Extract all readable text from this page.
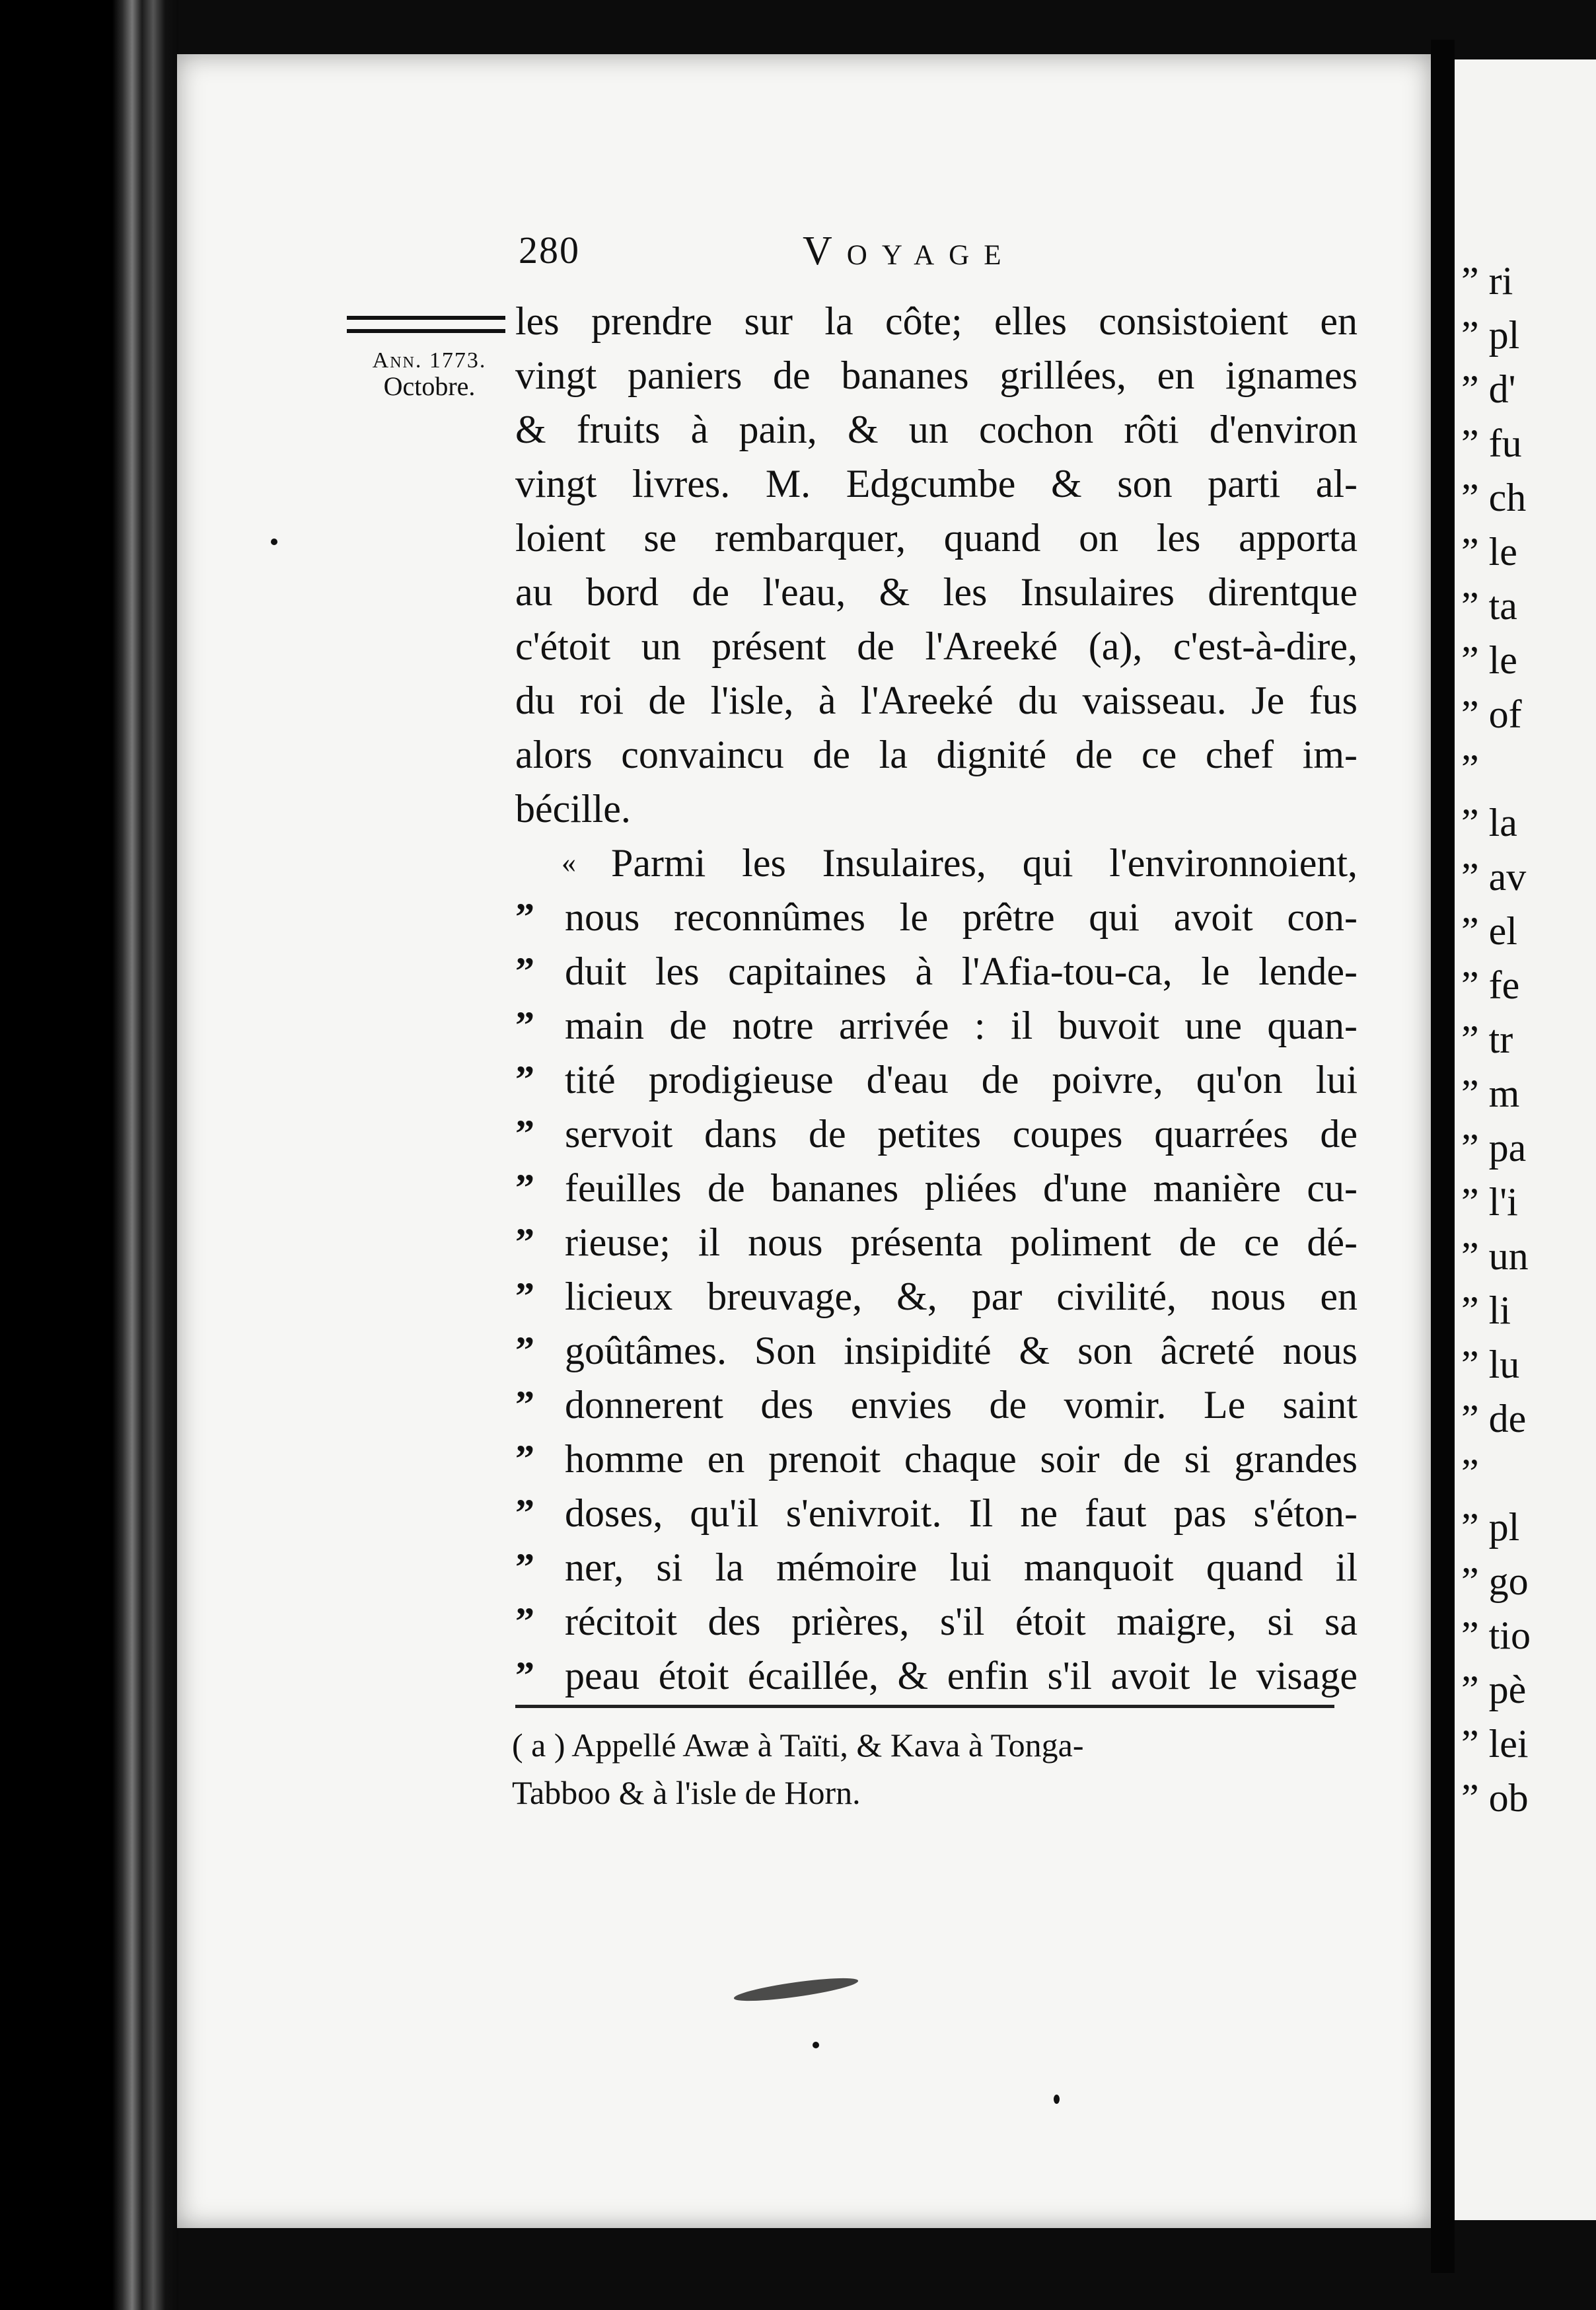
” ri
” pl
” d'
” fu
” ch
” le
” ta
” le
” of
”
” la
” av
” el
” fe
” tr
” m
” pa
” l'i
” un
” li
” lu
” de
”
” pl
” go
” tio
” pè
” lei
” ob
280	Voyage
Ann. 1773.
Octobre.
les prendre sur la côte; elles consistoient en
vingt paniers de bananes grillées, en ignames
& fruits à pain, & un cochon rôti d'environ
vingt livres. M. Edgcumbe & son parti al-
loient se rembarquer, quand on les apporta
au bord de l'eau, & les Insulaires direntque
c'étoit un présent de l'Areeké (a), c'est-à-dire,
du roi de l'isle, à l'Areeké du vaisseau. Je fus
alors convaincu de la dignité de ce chef im-
bécille.
« Parmi les Insulaires, qui l'environnoient,
” nous reconnûmes le prêtre qui avoit con-
” duit les capitaines à l'Afia-tou-ca, le lende-
” main de notre arrivée : il buvoit une quan-
” tité prodigieuse d'eau de poivre, qu'on lui
” servoit dans de petites coupes quarrées de
” feuilles de bananes pliées d'une manière cu-
” rieuse; il nous présenta poliment de ce dé-
” licieux breuvage, &, par civilité, nous en
” goûtâmes. Son insipidité & son âcreté nous
” donnerent des envies de vomir. Le saint
” homme en prenoit chaque soir de si grandes
” doses, qu'il s'enivroit. Il ne faut pas s'éton-
” ner, si la mémoire lui manquoit quand il
” récitoit des prières, s'il étoit maigre, si sa
” peau étoit écaillée, & enfin s'il avoit le visage
( a ) Appellé Awæ à Taïti, & Kava à Tonga-
Tabboo & à l'isle de Horn.
